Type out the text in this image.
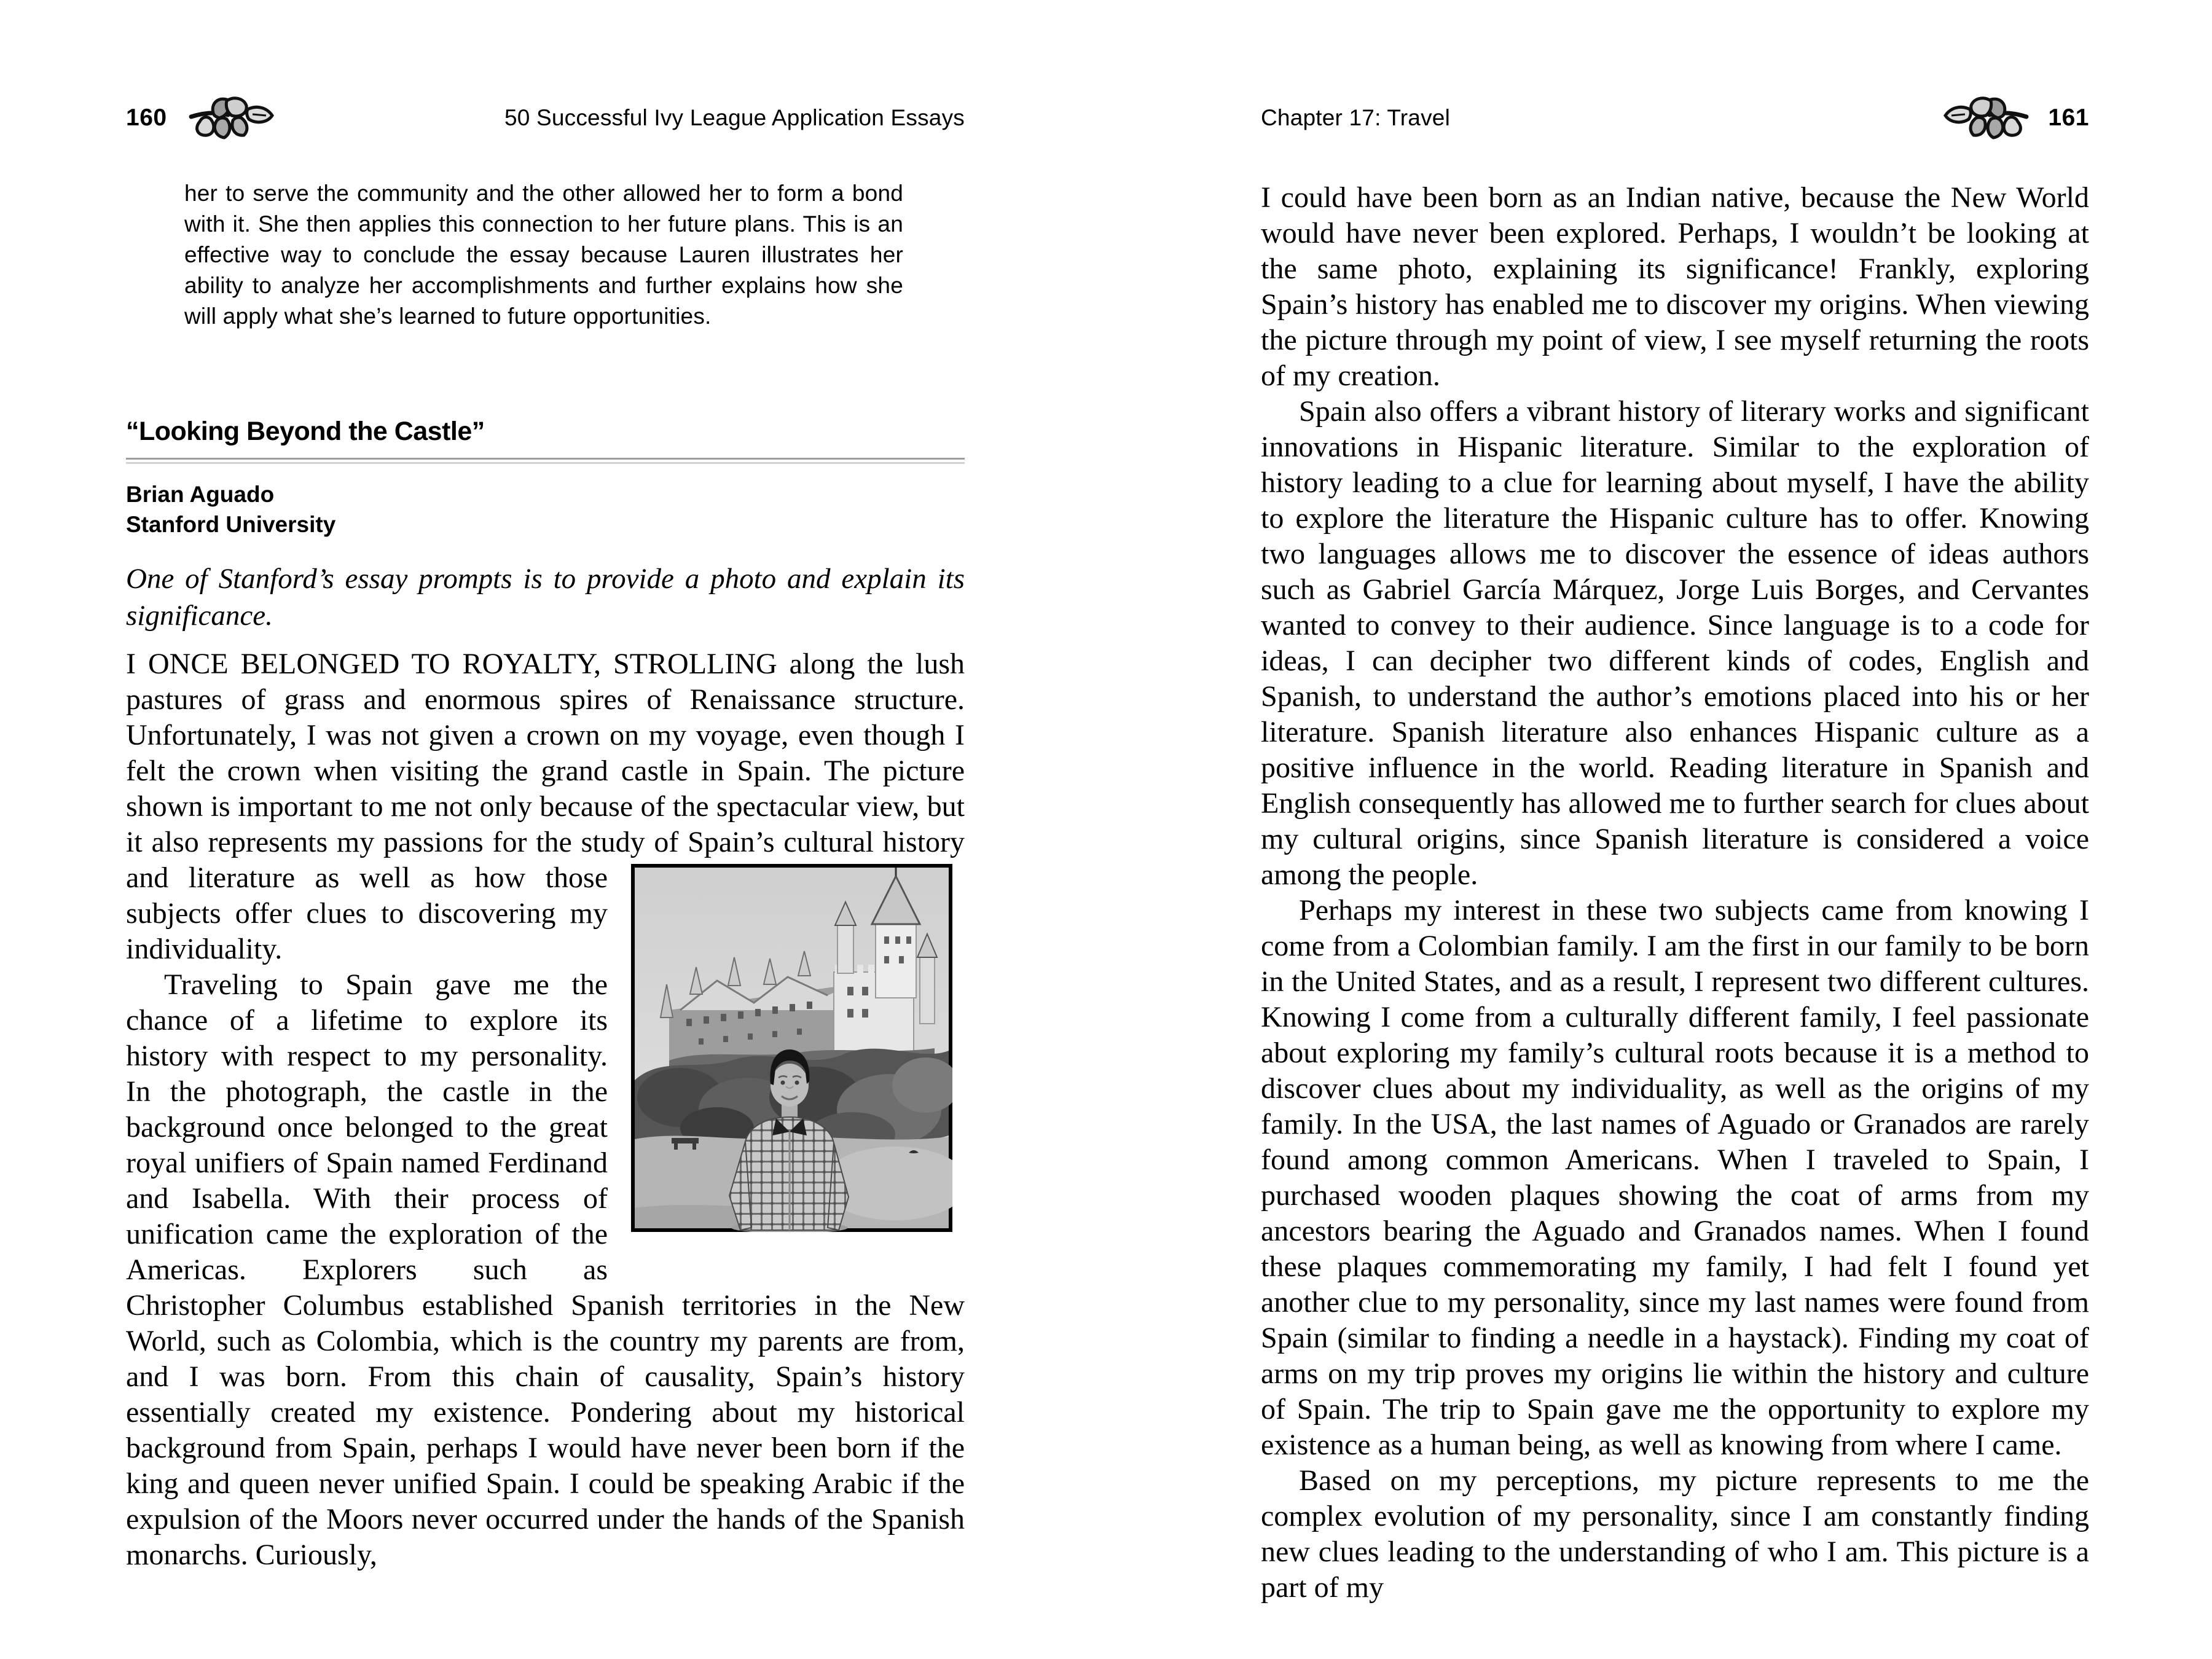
160	50 Successful Ivy League Application Essays
her to serve the community and the other allowed her to form a bond with it. She then applies this connection to her future plans. This is an effective way to conclude the essay because Lauren illustrates her ability to analyze her accomplishments and further explains how she will apply what she’s learned to future opportunities.
“Looking Beyond the Castle”
Brian Aguado
Stanford University
One of Stanford’s essay prompts is to provide a photo and explain its significance.

I ONCE BELONGED TO ROYALTY, STROLLING along the lush pastures of grass and enormous spires of Renaissance structure. Unfortunately, I was not given a crown on my voyage, even though I felt the crown when visiting the grand castle in Spain. The picture shown is important to me not only because of the spectacular view, but it also represents my passions for the study of Spain’s cultural history and literature as well as how those subjects offer clues to discovering my individuality.

Traveling to Spain gave me the chance of a lifetime to explore its history with respect to my personality. In the photograph, the castle in the background once belonged to the great royal unifiers of Spain named Ferdinand and Isabella. With their process of unification came the exploration of the Americas. Explorers such as Christopher Columbus established Spanish territories in the New World, such as Colombia, which is the country my parents are from, and I was born. From this chain of causality, Spain’s history essentially created my existence. Pondering about my historical background from Spain, perhaps I would have never been born if the king and queen never unified Spain. I could be speaking Arabic if the expulsion of the Moors never occurred under the hands of the Spanish monarchs. Curiously,

Chapter 17: Travel	161

I could have been born as an Indian native, because the New World would have never been explored. Perhaps, I wouldn’t be looking at the same photo, explaining its significance! Frankly, exploring Spain’s history has enabled me to discover my origins. When viewing the picture through my point of view, I see myself returning the roots of my creation.

Spain also offers a vibrant history of literary works and significant innovations in Hispanic literature. Similar to the exploration of history leading to a clue for learning about myself, I have the ability to explore the literature the Hispanic culture has to offer. Knowing two languages allows me to discover the essence of ideas authors such as Gabriel García Márquez, Jorge Luis Borges, and Cervantes wanted to convey to their audience. Since language is to a code for ideas, I can decipher two different kinds of codes, English and Spanish, to understand the author’s emotions placed into his or her literature. Spanish literature also enhances Hispanic culture as a positive influence in the world. Reading literature in Spanish and English consequently has allowed me to further search for clues about my cultural origins, since Spanish literature is considered a voice among the people.

Perhaps my interest in these two subjects came from knowing I come from a Colombian family. I am the first in our family to be born in the United States, and as a result, I represent two different cultures. Knowing I come from a culturally different family, I feel passionate about exploring my family’s cultural roots because it is a method to discover clues about my individuality, as well as the origins of my family. In the USA, the last names of Aguado or Granados are rarely found among common Americans. When I traveled to Spain, I purchased wooden plaques showing the coat of arms from my ancestors bearing the Aguado and Granados names. When I found these plaques commemorating my family, I had felt I found yet another clue to my personality, since my last names were found from Spain (similar to finding a needle in a haystack). Finding my coat of arms on my trip proves my origins lie within the history and culture of Spain. The trip to Spain gave me the opportunity to explore my existence as a human being, as well as knowing from where I came.

Based on my perceptions, my picture represents to me the complex evolution of my personality, since I am constantly finding new clues leading to the understanding of who I am. This picture is a part of my
